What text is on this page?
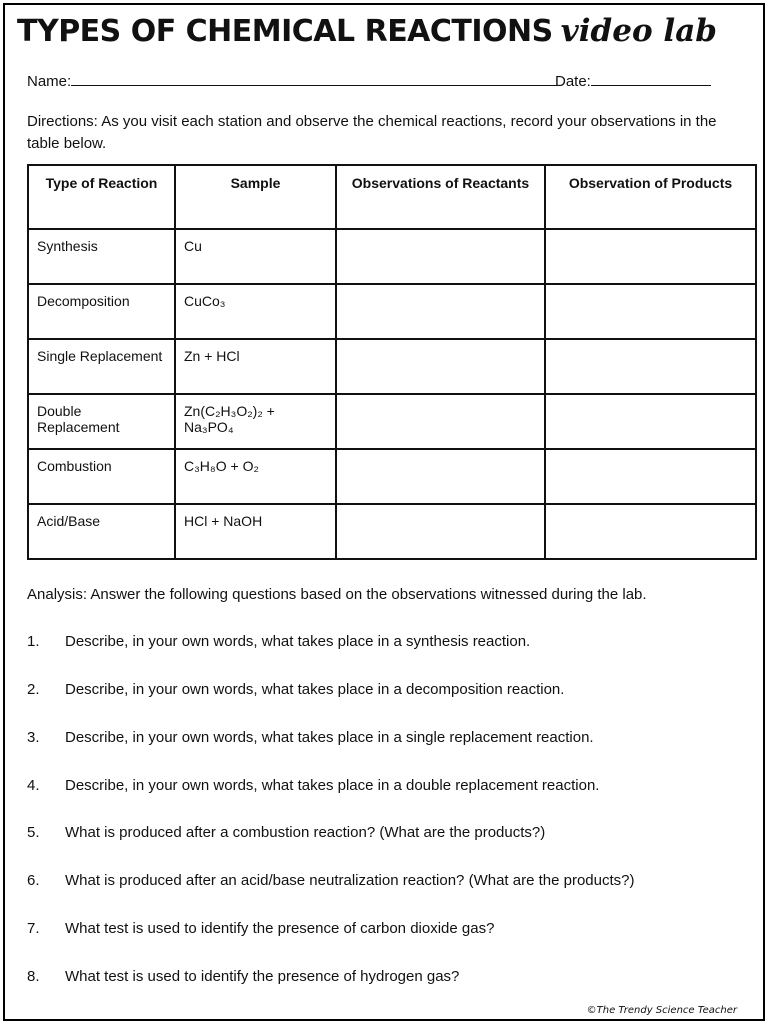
TYPES OF CHEMICAL REACTIONS video lab
Name:	Date:
Directions: As you visit each station and observe the chemical reactions, record your observations in the table below.
Type of Reaction	Sample	Observations of Reactants	Observation of Products
Synthesis	Cu		
Decomposition	CuCo₃		
Single Replacement	Zn + HCl		
Double Replacement	Zn(C₂H₃O₂)₂ + Na₃PO₄		
Combustion	C₃H₈O + O₂		
Acid/Base	HCl + NaOH		
Analysis: Answer the following questions based on the observations witnessed during the lab.
1. Describe, in your own words, what takes place in a synthesis reaction.
2. Describe, in your own words, what takes place in a decomposition reaction.
3. Describe, in your own words, what takes place in a single replacement reaction.
4. Describe, in your own words, what takes place in a double replacement reaction.
5. What is produced after a combustion reaction? (What are the products?)
6. What is produced after an acid/base neutralization reaction? (What are the products?)
7. What test is used to identify the presence of carbon dioxide gas?
8. What test is used to identify the presence of hydrogen gas?
©The Trendy Science Teacher
